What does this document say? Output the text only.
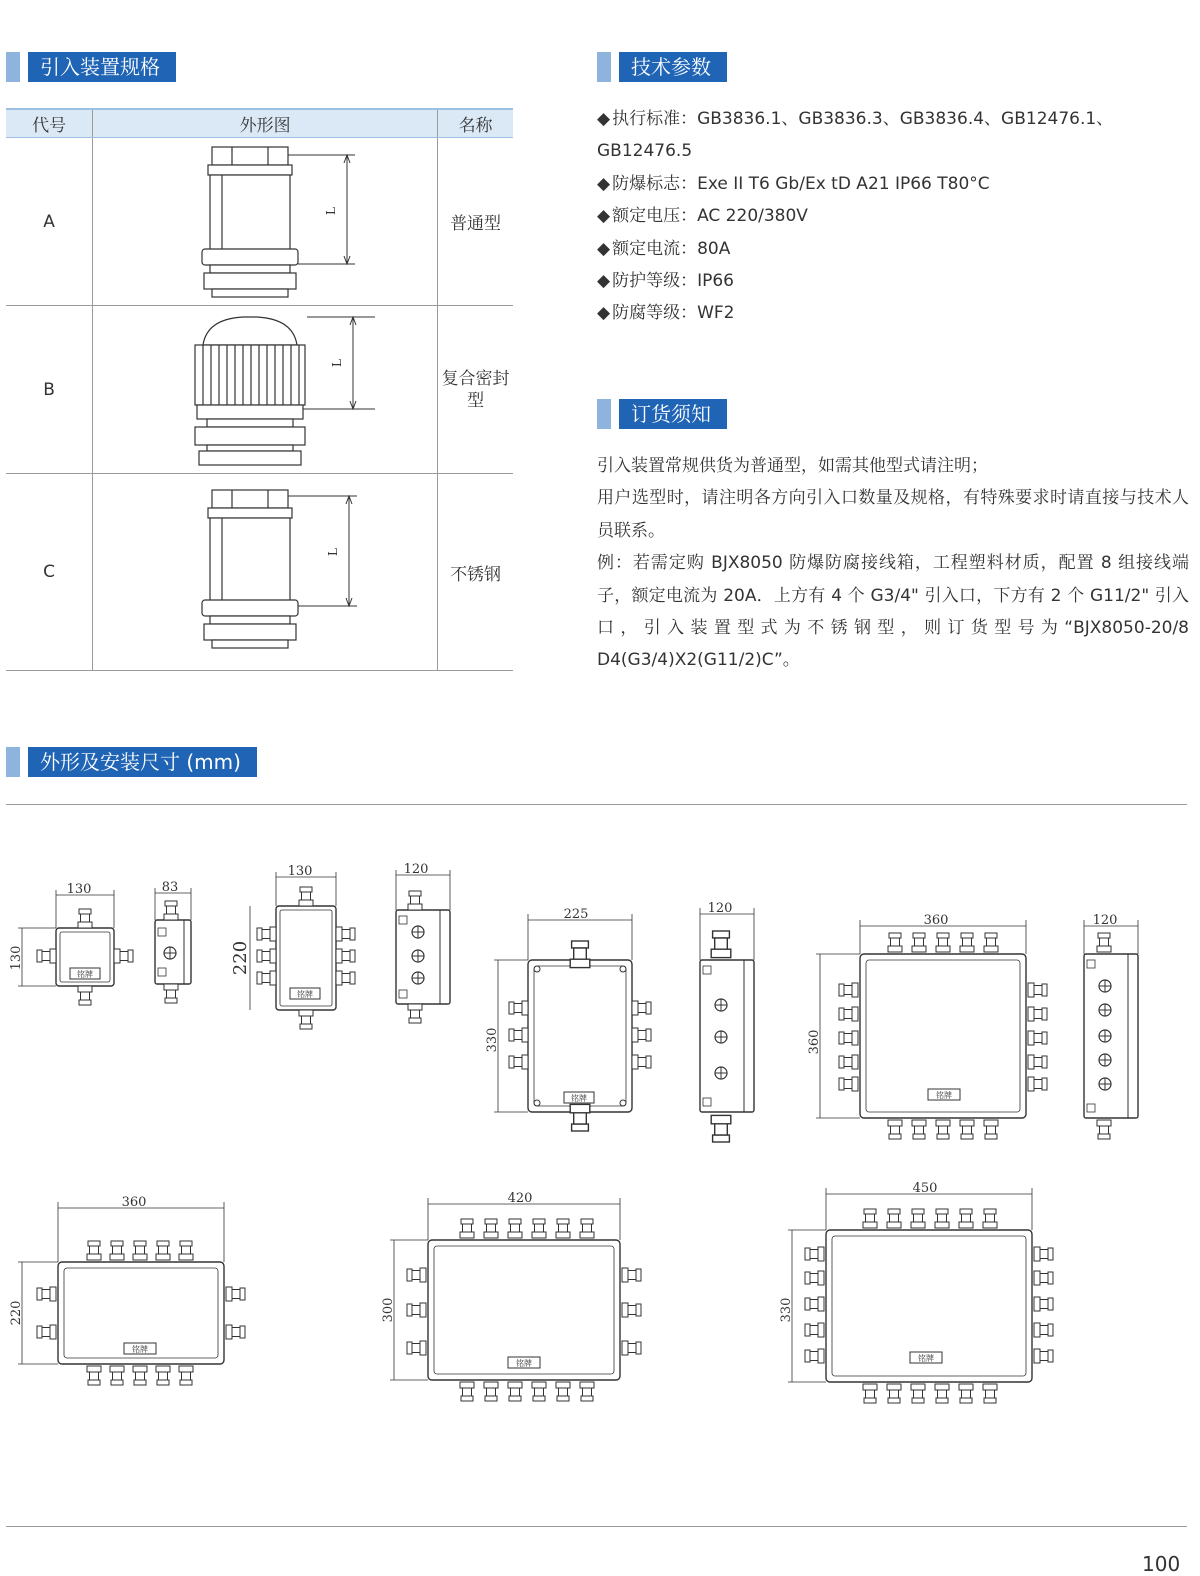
引入装置规格	技术参数
订货须知
外形及安装尺寸 (mm)
代号	外形图	名称
A	L	普通型
B	L	复合密封型
C	L	不锈钢
◆ 执行标准：GB3836.1、GB3836.3、GB3836.4、GB12476.1、GB12476.5
◆ 防爆标志：Exe II T6 Gb/Ex tD A21 IP66 T80°C
◆ 额定电压：AC 220/380V
◆ 额定电流：80A
◆ 防护等级：IP66
◆ 防腐等级：WF2

引入装置常规供货为普通型，如需其他型式请注明；

用户选型时，请注明各方向引入口数量及规格，有特殊要求时请直接与技术人员联系。

例：若需定购 BJX8050 防爆防腐接线箱，工程塑料材质，配置 8 组接线端子，额定电流为 20A．上方有 4 个 G3/4" 引入口，下方有 2 个 G11/2" 引入口，引入装置型式为不锈钢型，则订货型号为“BJX8050-20/8 D4(G3/4)X2(G11/2)C”。

100
铭牌
130
130
83
铭牌
130
220
120
铭牌
225
330
120
铭牌
360
360
120
铭牌
360
220
铭牌
420
300
铭牌
450
330
